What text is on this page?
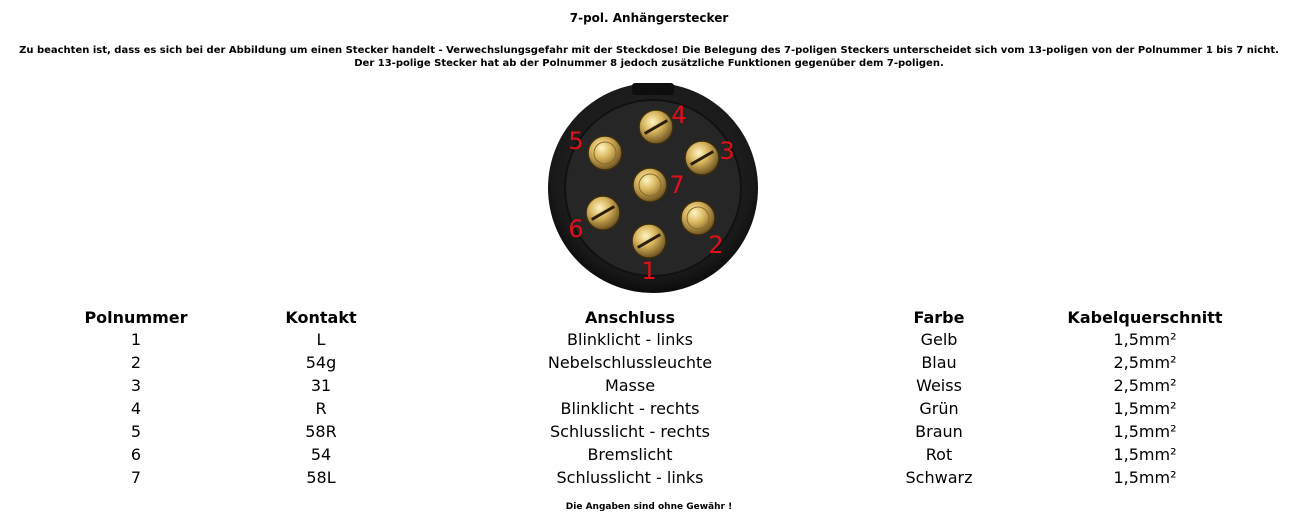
7-pol. Anhängerstecker
Zu beachten ist, dass es sich bei der Abbildung um einen Stecker handelt - Verwechslungsgefahr mit der Steckdose! Die Belegung des 7-poligen Steckers unterscheidet sich vom 13-poligen von der Polnummer 1 bis 7 nicht. Der 13-polige Stecker hat ab der Polnummer 8 jedoch zusätzliche Funktionen gegenüber dem 7-poligen.
1
2
3
4
5
6
7
Polnummer	Kontakt	Anschluss	Farbe	Kabelquerschnitt
1	L	Blinklicht - links	Gelb	1,5mm²
2	54g	Nebelschlussleuchte	Blau	2,5mm²
3	31	Masse	Weiss	2,5mm²
4	R	Blinklicht - rechts	Grün	1,5mm²
5	58R	Schlusslicht - rechts	Braun	1,5mm²
6	54	Bremslicht	Rot	1,5mm²
7	58L	Schlusslicht - links	Schwarz	1,5mm²
Die Angaben sind ohne Gewähr !
